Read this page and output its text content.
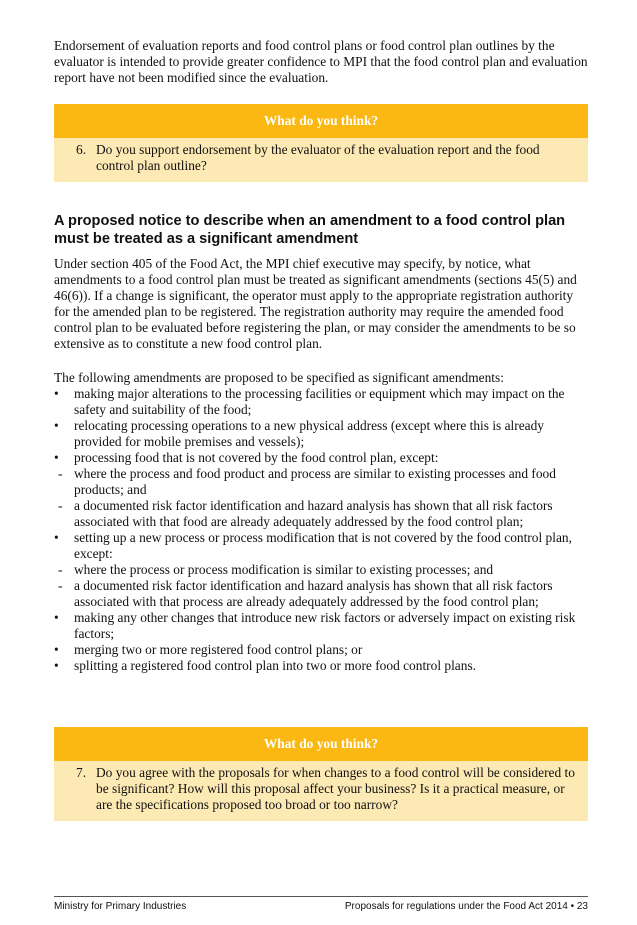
Endorsement of evaluation reports and food control plans or food control plan outlines by the evaluator is intended to provide greater confidence to MPI that the food control plan and evaluation report have not been modified since the evaluation.

What do you think?
6. Do you support endorsement by the evaluator of the evaluation report and the food control plan outline?
A proposed notice to describe when an amendment to a food control plan must be treated as a significant amendment

Under section 405 of the Food Act, the MPI chief executive may specify, by notice, what amendments to a food control plan must be treated as significant amendments (sections 45(5) and 46(6)). If a change is significant, the operator must apply to the appropriate registration authority for the amended plan to be registered. The registration authority may require the amended food control plan to be evaluated before registering the plan, or may consider the amendments to be so extensive as to constitute a new food control plan.

The following amendments are proposed to be specified as significant amendments:

•	making major alterations to the processing facilities or equipment which may impact on the safety and suitability of the food;
•	relocating processing operations to a new physical address (except where this is already provided for mobile premises and vessels);
•	processing food that is not covered by the food control plan, except:
- where the process and food product and process are similar to existing processes and food products; and
- a documented risk factor identification and hazard analysis has shown that all risk factors associated with that food are already adequately addressed by the food control plan;
•	setting up a new process or process modification that is not covered by the food control plan, except:
- where the process or process modification is similar to existing processes; and
- a documented risk factor identification and hazard analysis has shown that all risk factors associated with that process are already adequately addressed by the food control plan;
•	making any other changes that introduce new risk factors or adversely impact on existing risk factors;
•	merging two or more registered food control plans; or
•	splitting a registered food control plan into two or more food control plans.
What do you think?
7. Do you agree with the proposals for when changes to a food control will be considered to be significant? How will this proposal affect your business? Is it a practical measure, or are the specifications proposed too broad or too narrow?
Ministry for Primary Industries	Proposals for regulations under the Food Act 2014 • 23
